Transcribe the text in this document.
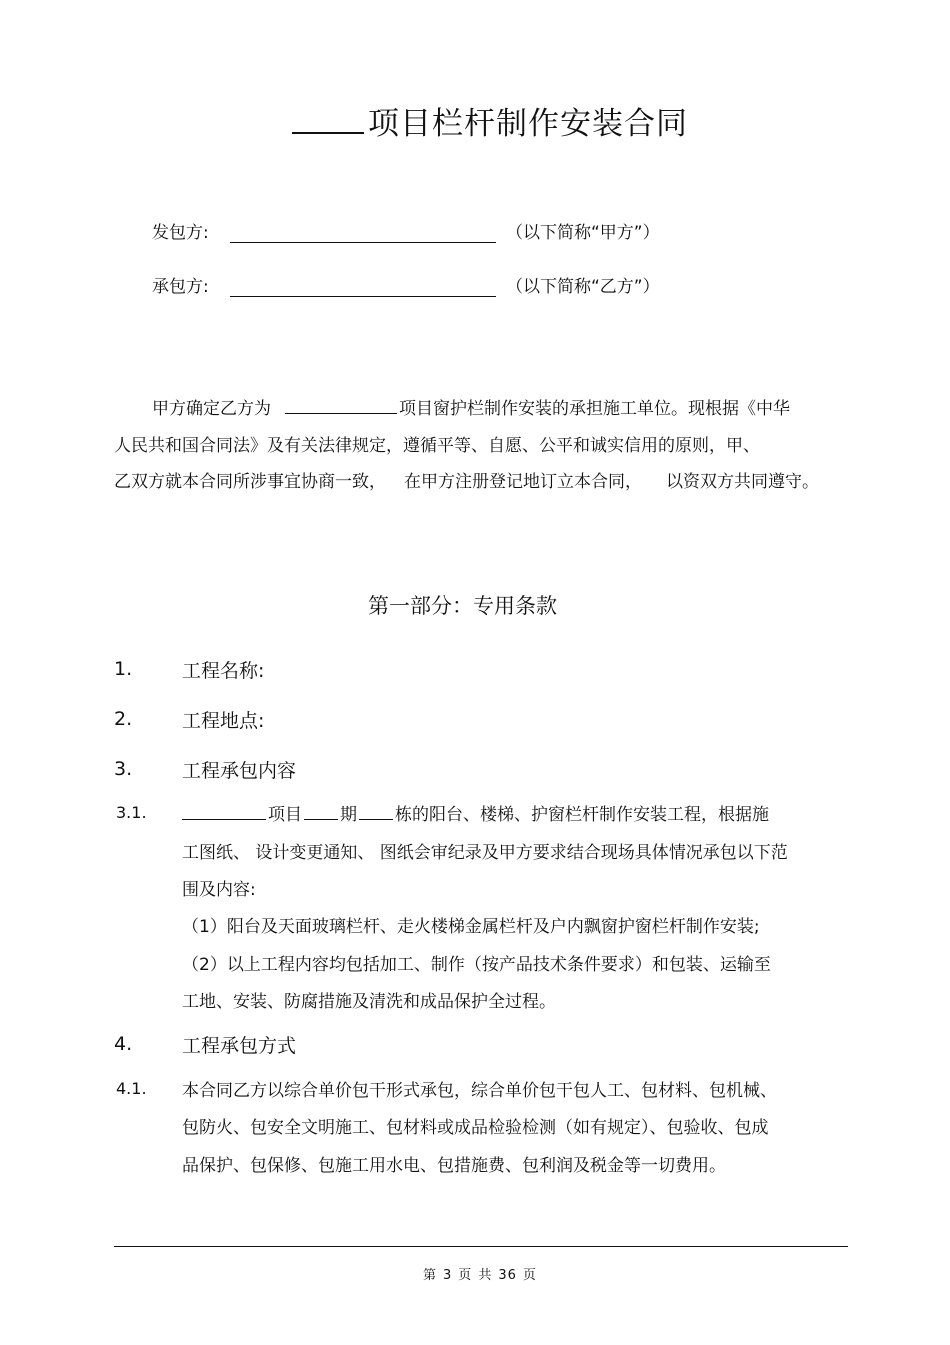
项目栏杆制作安装合同
发包方:	（以下简称“甲方”）
承包方:	（以下简称“乙方”）
甲方确定乙方为	项目窗护栏制作安装的承担施工单位。现根据《中华
人民共和国合同法》及有关法律规定，遵循平等、自愿、公平和诚实信用的原则，甲、
乙双方就本合同所涉事宜协商一致， 在甲方注册登记地订立本合同， 以资双方共同遵守。
第一部分：专用条款
1.	工程名称:
2.	工程地点:
3.	工程承包内容
3.1.	项目 期 栋的阳台、楼梯、护窗栏杆制作安装工程，根据施
工图纸、 设计变更通知、 图纸会审纪录及甲方要求结合现场具体情况承包以下范
围及内容:
（1）阳台及天面玻璃栏杆、走火楼梯金属栏杆及户内飘窗护窗栏杆制作安装;
（2）以上工程内容均包括加工、制作（按产品技术条件要求）和包装、运输至
工地、安装、防腐措施及清洗和成品保护全过程。
4.	工程承包方式
4.1. 本合同乙方以综合单价包干形式承包，综合单价包干包人工、包材料、包机械、
包防火、包安全文明施工、包材料或成品检验检测（如有规定）、包验收、包成
品保护、包保修、包施工用水电、包措施费、包利润及税金等一切费用。
第 3 页 共 36 页
